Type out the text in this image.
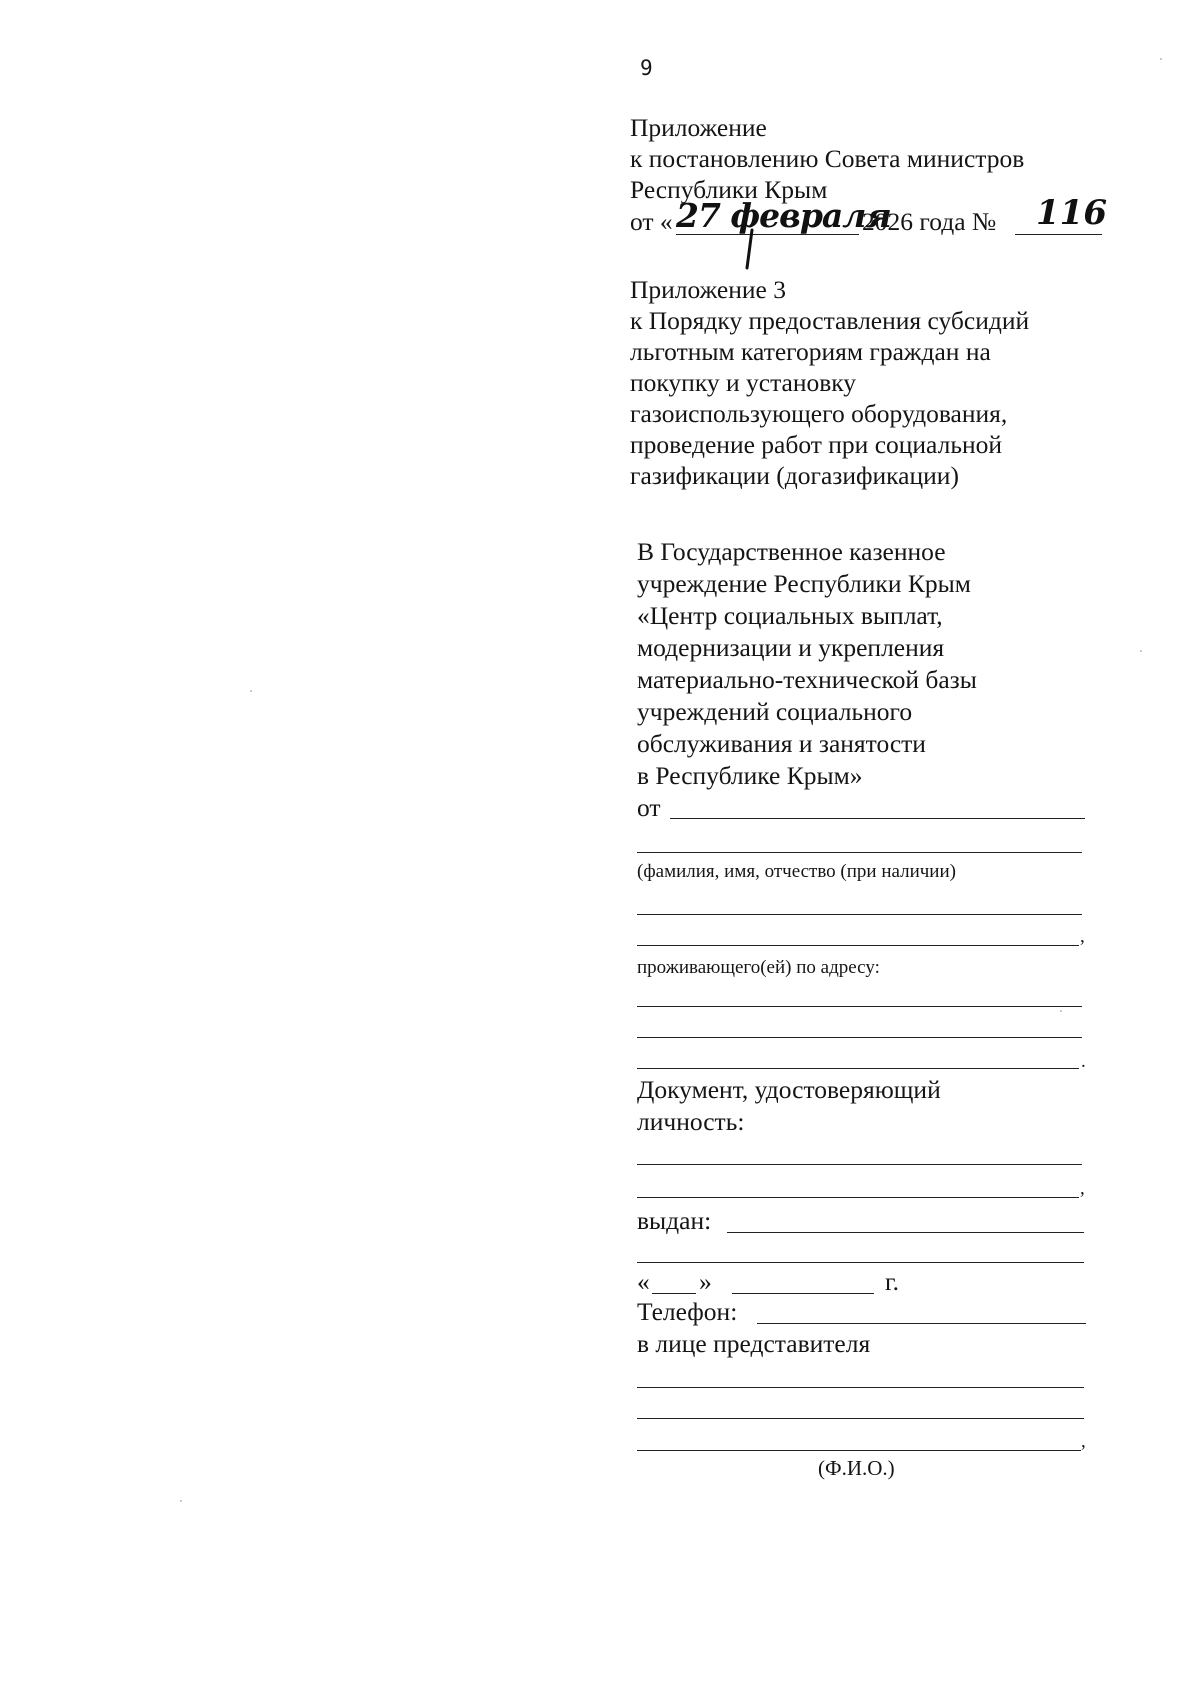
9
Приложение
к постановлению Совета министров
Республики Крым
от « 27 февраля
2026 года № 116
Приложение 3
к Порядку предоставления субсидий
льготным категориям граждан на
покупку и установку
газоиспользующего оборудования,
проведение работ при социальной
газификации (догазификации)
В Государственное казенное
учреждение Республики Крым
«Центр социальных выплат,
модернизации и укрепления
материально-технической базы
учреждений социального
обслуживания и занятости
в Республике Крым»
от
(фамилия, имя, отчество (при наличии)
,
проживающего(ей) по адресу:
.
Документ, удостоверяющий
личность:
,
выдан:
« »	г.
Телефон:
в лице представителя
,
(Ф.И.О.)
